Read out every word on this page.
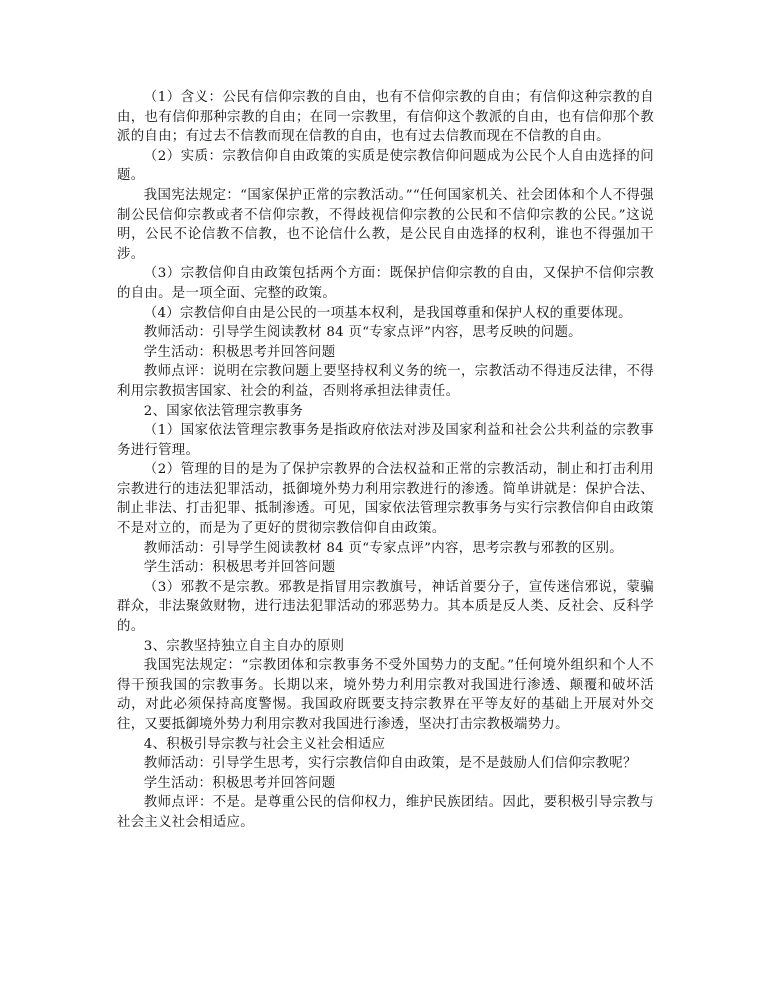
（1）含义：公民有信仰宗教的自由，也有不信仰宗教的自由；有信仰这种宗教的自由，也有信仰那种宗教的自由；在同一宗教里，有信仰这个教派的自由，也有信仰那个教派的自由；有过去不信教而现在信教的自由，也有过去信教而现在不信教的自由。

（2）实质：宗教信仰自由政策的实质是使宗教信仰问题成为公民个人自由选择的问题。

我国宪法规定：“国家保护正常的宗教活动。”“任何国家机关、社会团体和个人不得强制公民信仰宗教或者不信仰宗教，不得歧视信仰宗教的公民和不信仰宗教的公民。”这说明，公民不论信教不信教，也不论信什么教，是公民自由选择的权利，谁也不得强加干涉。

（3）宗教信仰自由政策包括两个方面：既保护信仰宗教的自由，又保护不信仰宗教的自由。是一项全面、完整的政策。

（4）宗教信仰自由是公民的一项基本权利，是我国尊重和保护人权的重要体现。

教师活动：引导学生阅读教材 84 页“专家点评”内容，思考反映的问题。

学生活动：积极思考并回答问题

教师点评：说明在宗教问题上要坚持权利义务的统一，宗教活动不得违反法律，不得利用宗教损害国家、社会的利益，否则将承担法律责任。

2、国家依法管理宗教事务

（1）国家依法管理宗教事务是指政府依法对涉及国家利益和社会公共利益的宗教事务进行管理。

（2）管理的目的是为了保护宗教界的合法权益和正常的宗教活动，制止和打击利用宗教进行的违法犯罪活动，抵御境外势力利用宗教进行的渗透。简单讲就是：保护合法、制止非法、打击犯罪、抵制渗透。可见，国家依法管理宗教事务与实行宗教信仰自由政策不是对立的，而是为了更好的贯彻宗教信仰自由政策。

教师活动：引导学生阅读教材 84 页“专家点评”内容，思考宗教与邪教的区别。

学生活动：积极思考并回答问题

（3）邪教不是宗教。邪教是指冒用宗教旗号，神话首要分子，宣传迷信邪说，蒙骗群众，非法聚敛财物，进行违法犯罪活动的邪恶势力。其本质是反人类、反社会、反科学的。

3、宗教坚持独立自主自办的原则

我国宪法规定：“宗教团体和宗教事务不受外国势力的支配。”任何境外组织和个人不得干预我国的宗教事务。长期以来，境外势力利用宗教对我国进行渗透、颠覆和破坏活动，对此必须保持高度警惕。我国政府既要支持宗教界在平等友好的基础上开展对外交往，又要抵御境外势力利用宗教对我国进行渗透，坚决打击宗教极端势力。

4、积极引导宗教与社会主义社会相适应

教师活动：引导学生思考，实行宗教信仰自由政策，是不是鼓励人们信仰宗教呢？

学生活动：积极思考并回答问题

教师点评：不是。是尊重公民的信仰权力，维护民族团结。因此，要积极引导宗教与社会主义社会相适应。
